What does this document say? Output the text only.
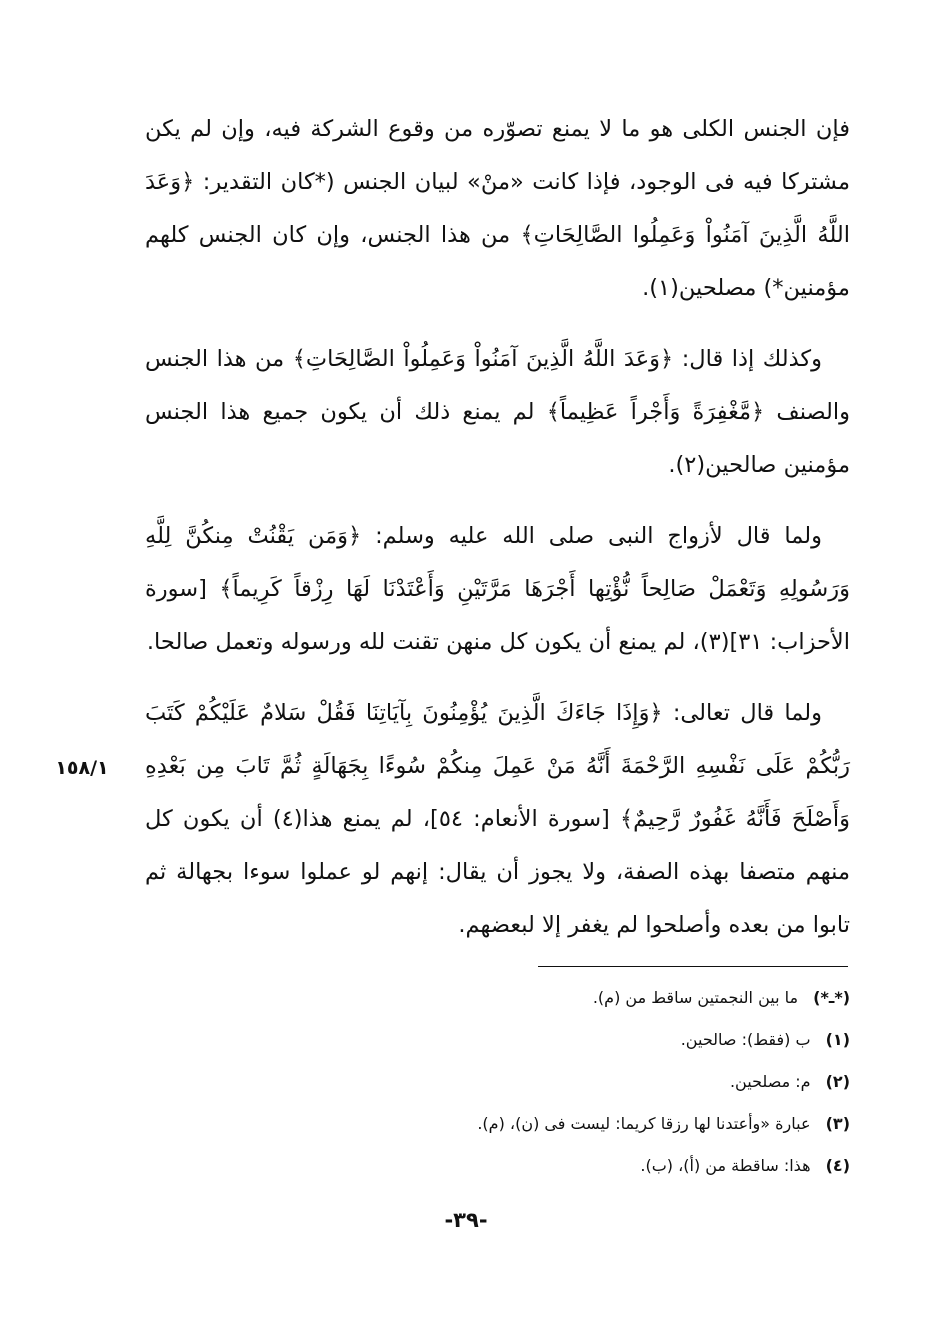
فإن الجنس الكلى هو ما لا يمنع تصوّره من وقوع الشركة فيه، وإن لم يكن مشتركا فيه فى الوجود، فإذا كانت «منْ» لبيان الجنس (*كان التقدير: ﴿وَعَدَ اللَّهُ الَّذِينَ آمَنُواْ وَعَمِلُوا الصَّالِحَاتِ﴾ من هذا الجنس، وإن كان الجنس كلهم مؤمنين*) مصلحين(١).

وكذلك إذا قال: ﴿وَعَدَ اللَّهُ الَّذِينَ آمَنُواْ وَعَمِلُواْ الصَّالِحَاتِ﴾ من هذا الجنس والصنف ﴿مَّغْفِرَةً وَأَجْراً عَظِيماً﴾ لم يمنع ذلك أن يكون جميع هذا الجنس مؤمنين صالحين(٢).

ولما قال لأزواج النبى صلى الله عليه وسلم: ﴿وَمَن يَقْنُتْ مِنكُنَّ لِلَّهِ وَرَسُولِهِ وَتَعْمَلْ صَالِحاً نُّؤْتِها أَجْرَهَا مَرَّتَيْنِ وَأَعْتَدْنَا لَهَا رِزْقاً كَرِيماً﴾ [سورة الأحزاب: ٣١](٣)، لم يمنع أن يكون كل منهن تقنت لله ورسوله وتعمل صالحا.

ولما قال تعالى: ﴿وَإِذَا جَاءَكَ الَّذِينَ يُؤْمِنُونَ بِآيَاتِنَا فَقُلْ سَلامٌ عَلَيْكُمْ كَتَبَ رَبُّكُمْ عَلَى نَفْسِهِ الرَّحْمَةَ أَنَّهُ مَنْ عَمِلَ مِنكُمْ سُوءًا بِجَهَالَةٍ ثُمَّ تَابَ مِن بَعْدِهِ وَأَصْلَحَ فَأَنَّهُ غَفُورٌ رَّحِيمٌ﴾ [سورة الأنعام: ٥٤]، لم يمنع هذا(٤) أن يكون كل منهم متصفا بهذه الصفة، ولا يجوز أن يقال: إنهم لو عملوا سوءا بجهالة ثم تابوا من بعده وأصلحوا لم يغفر إلا لبعضهم.

١٥٨/١

(*ـ*) ما بين النجمتين ساقط من (م).

(١) ب (فقط): صالحين.

(٢) م: مصلحين.

(٣) عبارة «وأعتدنا لها رزقا كريما: ليست فى (ن)، (م).

(٤) هذا: ساقطة من (أ)، (ب).

-٣٩-
